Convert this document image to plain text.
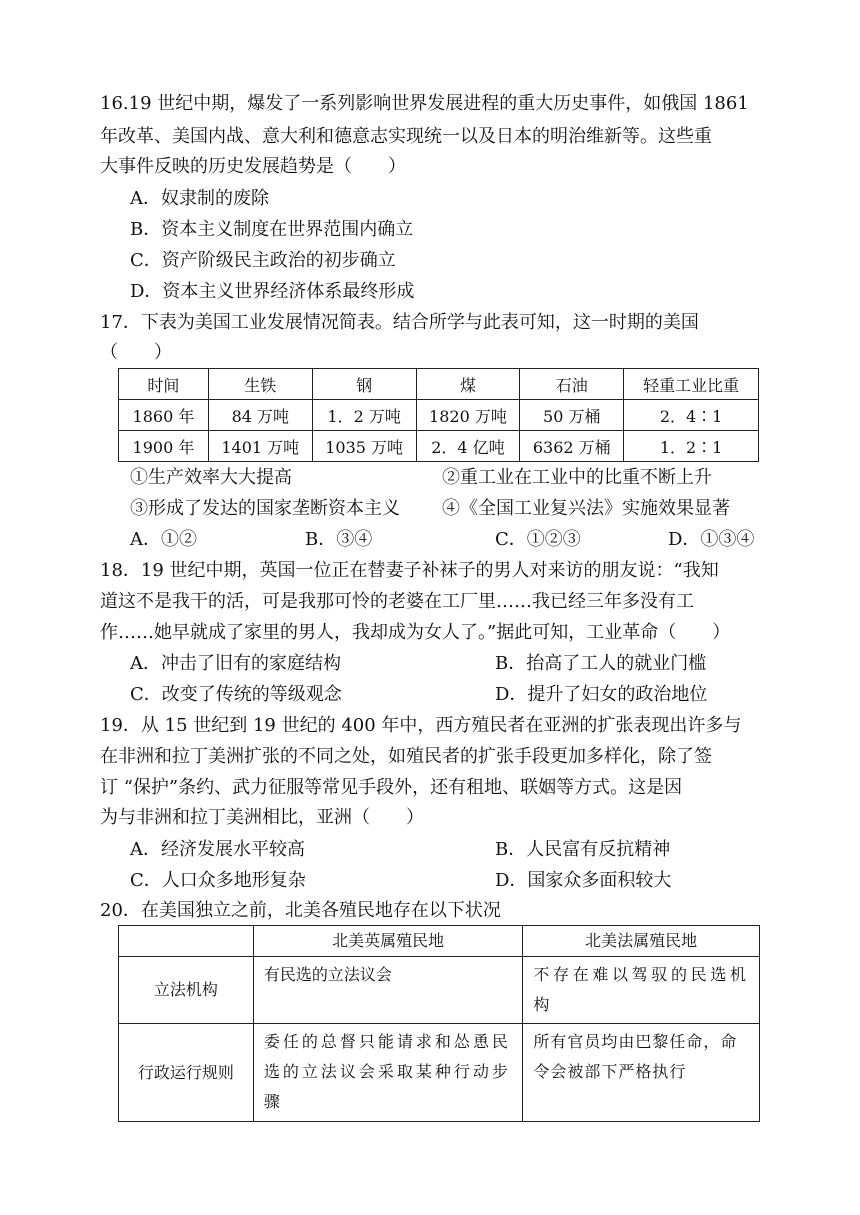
16.19 世纪中期，爆发了一系列影响世界发展进程的重大历史事件，如俄国 1861
年改革、美国内战、意大利和德意志实现统一以及日本的明治维新等。这些重
大事件反映的历史发展趋势是（　　）
A．奴隶制的废除
B．资本主义制度在世界范围内确立
C．资产阶级民主政治的初步确立
D．资本主义世界经济体系最终形成
17．下表为美国工业发展情况简表。结合所学与此表可知，这一时期的美国
（　　）
时间	生铁	钢	煤	石油	轻重工业比重
1860 年	84 万吨	1．2 万吨	1820 万吨	50 万桶	2．4∶1
1900 年	1401 万吨	1035 万吨	2．4 亿吨	6362 万桶	1．2∶1
①生产效率大大提高	②重工业在工业中的比重不断上升
③形成了发达的国家垄断资本主义 ④《全国工业复兴法》实施效果显著
A．①②	B．③④	C．①②③	D．①③④
18．19 世纪中期，英国一位正在替妻子补袜子的男人对来访的朋友说：“我知
道这不是我干的活，可是我那可怜的老婆在工厂里……我已经三年多没有工
作……她早就成了家里的男人，我却成为女人了。”据此可知，工业革命（　　）
A．冲击了旧有的家庭结构	B．抬高了工人的就业门槛
C．改变了传统的等级观念	D．提升了妇女的政治地位
19．从 15 世纪到 19 世纪的 400 年中，西方殖民者在亚洲的扩张表现出许多与
在非洲和拉丁美洲扩张的不同之处，如殖民者的扩张手段更加多样化，除了签
订 “保护”条约、武力征服等常见手段外，还有租地、联姻等方式。这是因
为与非洲和拉丁美洲相比，亚洲（　　）
A．经济发展水平较高	B．人民富有反抗精神
C．人口众多地形复杂	D．国家众多面积较大
20．在美国独立之前，北美各殖民地存在以下状况
	北美英属殖民地	北美法属殖民地
立法机构	有民选的立法议会	不存在难以驾驭的民选机构
行政运行规则	委任的总督只能请求和怂恿民选的立法议会采取某种行动步骤	所有官员均由巴黎任命，命令会被部下严格执行
